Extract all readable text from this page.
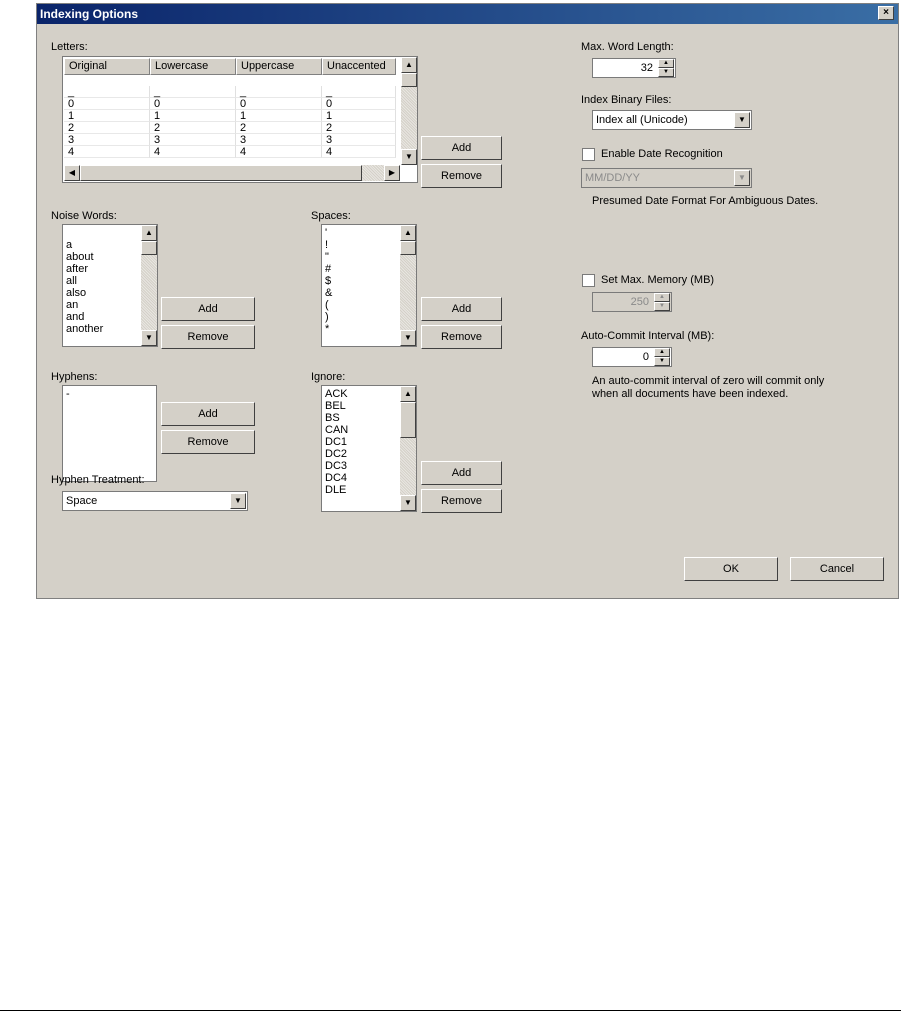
Indexing Options	×
Letters:
Original	Lowercase	Uppercase	Unaccented
_	_	_	_
0	0	0	0
1	1	1	1
2	2	2	2
3	3	3	3
4	4	4	4
▲
▼
◀	▶
Add
Remove
Noise Words:
a
about
after
all
also
an
and
another
▲
▼
Add
Remove
Spaces:
'
!
"
#
$
&
(
)
*
▲
▼
Add
Remove
Hyphens:
-
Add
Remove
Hyphen Treatment:
Space	▼
Ignore:
ACK
BEL
BS
CAN
DC1
DC2
DC3
DC4
DLE
▲
▼
Add
Remove
Max. Word Length:
32	▲
▼
Index Binary Files:
Index all (Unicode)	▼
Enable Date Recognition
MM/DD/YY	▼
Presumed Date Format For Ambiguous Dates.
Set Max. Memory (MB)
250	▲
▼
Auto-Commit Interval (MB):
0	▲
▼
An auto-commit interval of zero will commit only
when all documents have been indexed.
OK	Cancel
